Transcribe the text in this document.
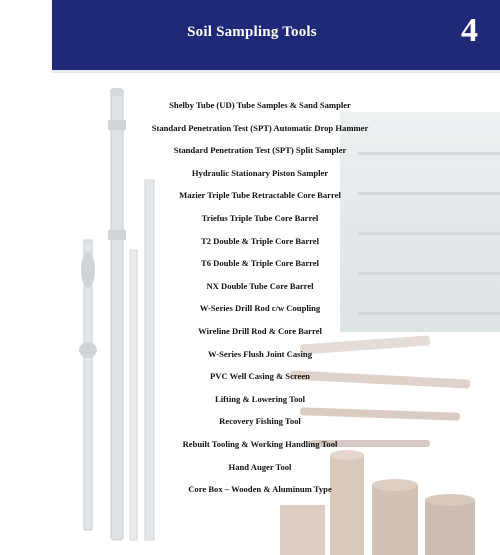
Soil Sampling Tools	4
Shelby Tube (UD) Tube Samples & Sand Sampler
Standard Penetration Test (SPT) Automatic Drop Hammer
Standard Penetration Test (SPT) Split Sampler
Hydraulic Stationary Piston Sampler
Mazier Triple Tube Retractable Core Barrel
Triefus Triple Tube Core Barrel
T2 Double & Triple Core Barrel
T6 Double & Triple Core Barrel
NX Double Tube Core Barrel
W-Series Drill Rod c/w Coupling
Wireline Drill Rod & Core Barrel
W-Series Flush Joint Casing
PVC Well Casing & Screen
Lifting & Lowering Tool
Recovery Fishing Tool
Rebuilt Tooling & Working Handling Tool
Hand Auger Tool
Core Box – Wooden & Aluminum Type
